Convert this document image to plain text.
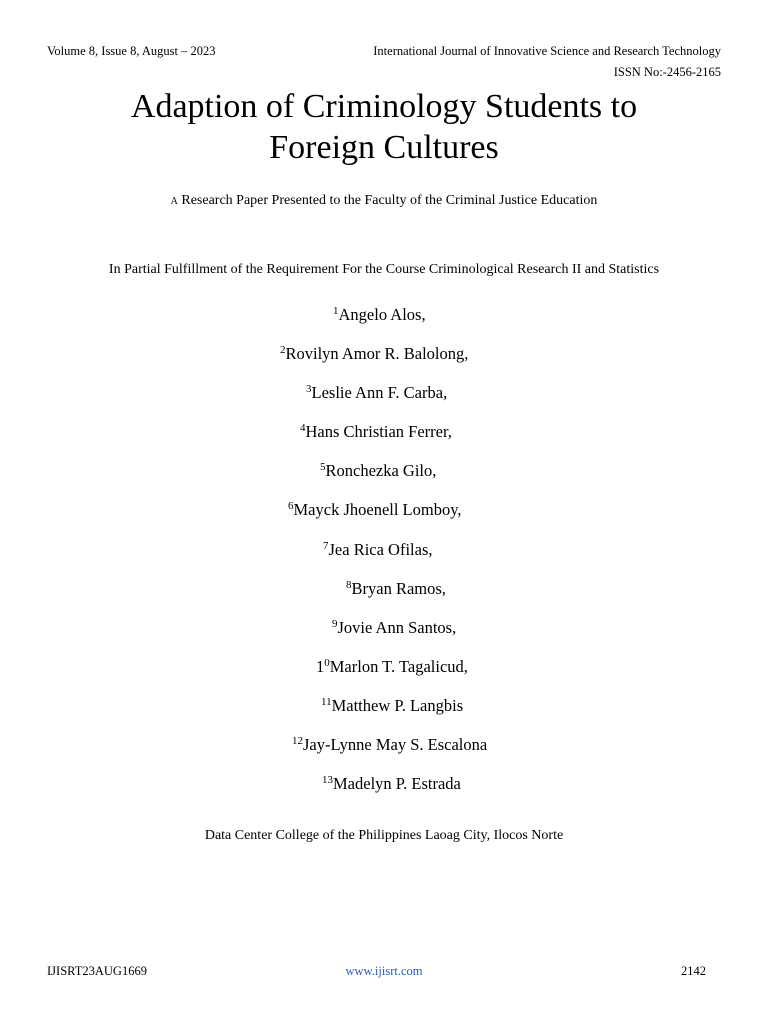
Volume 8, Issue 8, August – 2023	International Journal of Innovative Science and Research Technology
ISSN No:-2456-2165
Adaption of Criminology Students to
Foreign Cultures
A Research Paper Presented to the Faculty of the Criminal Justice Education
In Partial Fulfillment of the Requirement For the Course Criminological Research II and Statistics
$^1$Angelo Alos,
$^2$Rovilyn Amor R. Balolong,
$^3$Leslie Ann F. Carba,
$^4$Hans Christian Ferrer,
$^5$Ronchezka Gilo,
$^6$Mayck Jhoenell Lomboy,
$^7$Jea Rica Ofilas,
$^8$Bryan Ramos,
$^9$Jovie Ann Santos,
$1^0Marlon$ T. Tagalicud,
$^{11}$Matthew P. Langbis
$^{12}$Jay-Lynne May S. Escalona
$^{13}$Madelyn P. Estrada
Data Center College of the Philippines Laoag City, Ilocos Norte
IJISRT23AUG1669	www.ijisrt.com	2142
